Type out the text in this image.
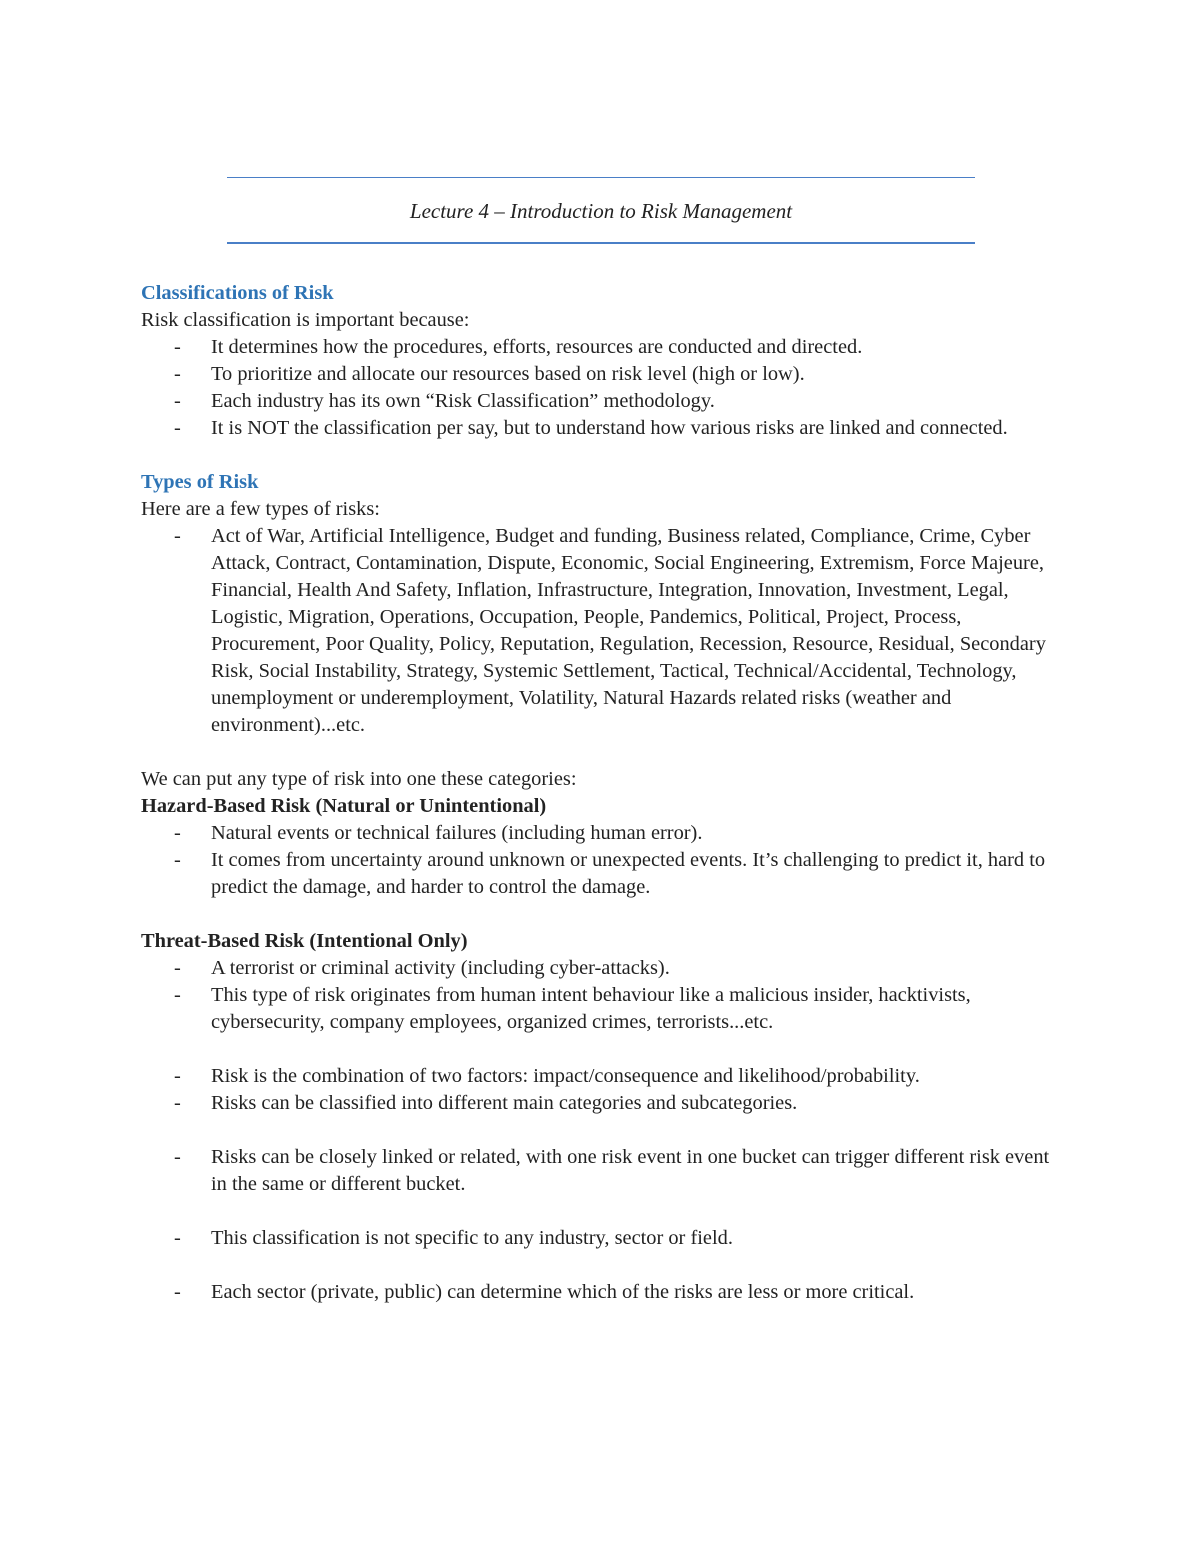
Lecture 4 – Introduction to Risk Management
Classifications of Risk
Risk classification is important because:
- It determines how the procedures, efforts, resources are conducted and directed.
- To prioritize and allocate our resources based on risk level (high or low).
- Each industry has its own “Risk Classification” methodology.
- It is NOT the classification per say, but to understand how various risks are linked and connected.
Types of Risk
Here are a few types of risks:
- Act of War, Artificial Intelligence, Budget and funding, Business related, Compliance, Crime, Cyber Attack, Contract, Contamination, Dispute, Economic, Social Engineering, Extremism, Force Majeure, Financial, Health And Safety, Inflation, Infrastructure, Integration, Innovation, Investment, Legal, Logistic, Migration, Operations, Occupation, People, Pandemics, Political, Project, Process, Procurement, Poor Quality, Policy, Reputation, Regulation, Recession, Resource, Residual, Secondary Risk, Social Instability, Strategy, Systemic Settlement, Tactical, Technical/Accidental, Technology, unemployment or underemployment, Volatility, Natural Hazards related risks (weather and environment)...etc.
We can put any type of risk into one these categories:
Hazard-Based Risk (Natural or Unintentional)
- Natural events or technical failures (including human error).
- It comes from uncertainty around unknown or unexpected events. It’s challenging to predict it, hard to predict the damage, and harder to control the damage.
Threat-Based Risk (Intentional Only)
- A terrorist or criminal activity (including cyber-attacks).
- This type of risk originates from human intent behaviour like a malicious insider, hacktivists, cybersecurity, company employees, organized crimes, terrorists...etc.
- Risk is the combination of two factors: impact/consequence and likelihood/probability.
- Risks can be classified into different main categories and subcategories.
- Risks can be closely linked or related, with one risk event in one bucket can trigger different risk event in the same or different bucket.
- This classification is not specific to any industry, sector or field.
- Each sector (private, public) can determine which of the risks are less or more critical.
